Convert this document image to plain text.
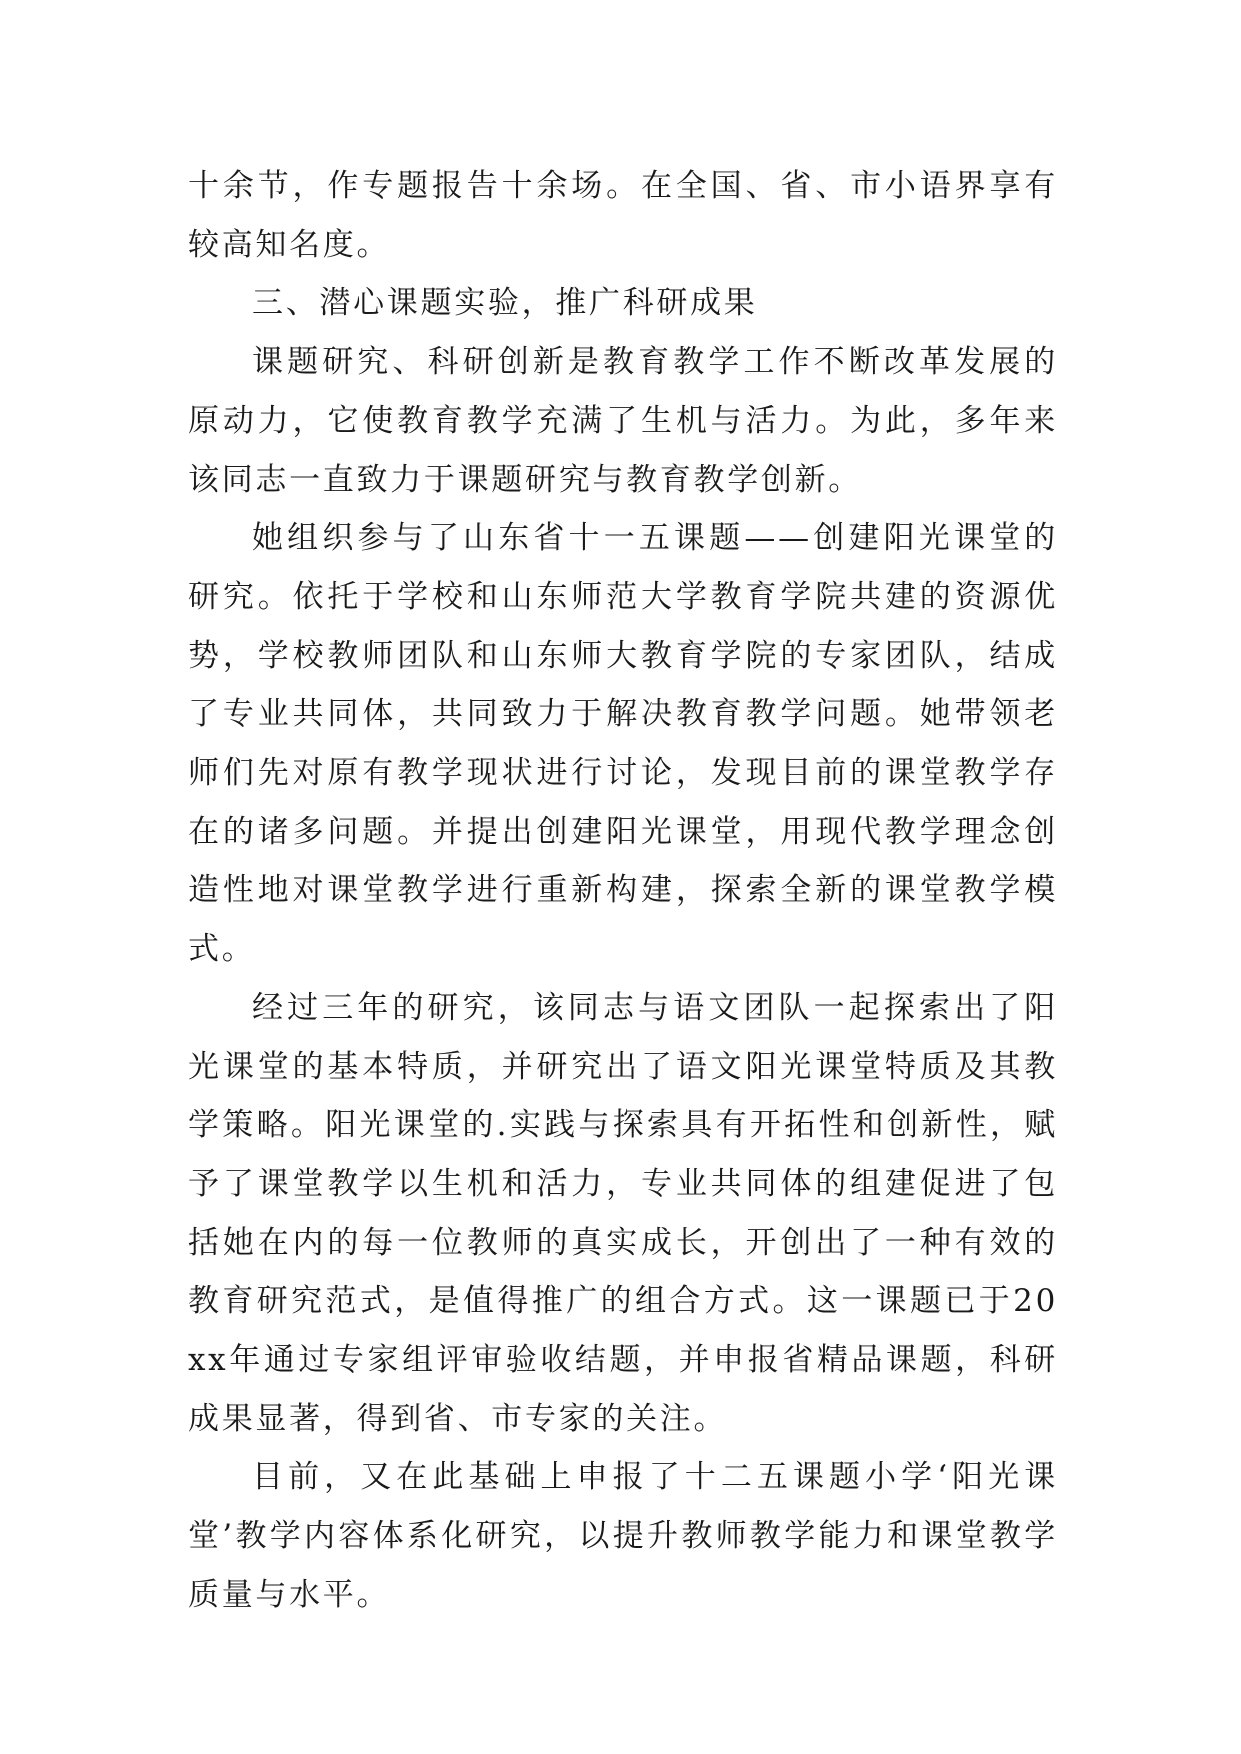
十余节，作专题报告十余场。在全国、省、市小语界享有较高知名度。

三、潜心课题实验，推广科研成果

课题研究、科研创新是教育教学工作不断改革发展的原动力，它使教育教学充满了生机与活力。为此，多年来该同志一直致力于课题研究与教育教学创新。

她组织参与了山东省十一五课题——创建阳光课堂的研究。依托于学校和山东师范大学教育学院共建的资源优势，学校教师团队和山东师大教育学院的专家团队，结成了专业共同体，共同致力于解决教育教学问题。她带领老师们先对原有教学现状进行讨论，发现目前的课堂教学存在的诸多问题。并提出创建阳光课堂，用现代教学理念创造性地对课堂教学进行重新构建，探索全新的课堂教学模式。

经过三年的研究，该同志与语文团队一起探索出了阳光课堂的基本特质，并研究出了语文阳光课堂特质及其教学策略。阳光课堂的.实践与探索具有开拓性和创新性，赋予了课堂教学以生机和活力，专业共同体的组建促进了包括她在内的每一位教师的真实成长，开创出了一种有效的教育研究范式，是值得推广的组合方式。这一课题已于20xx年通过专家组评审验收结题，并申报省精品课题，科研成果显著，得到省、市专家的关注。

目前，又在此基础上申报了十二五课题小学‘阳光课堂’教学内容体系化研究，以提升教师教学能力和课堂教学质量与水平。
